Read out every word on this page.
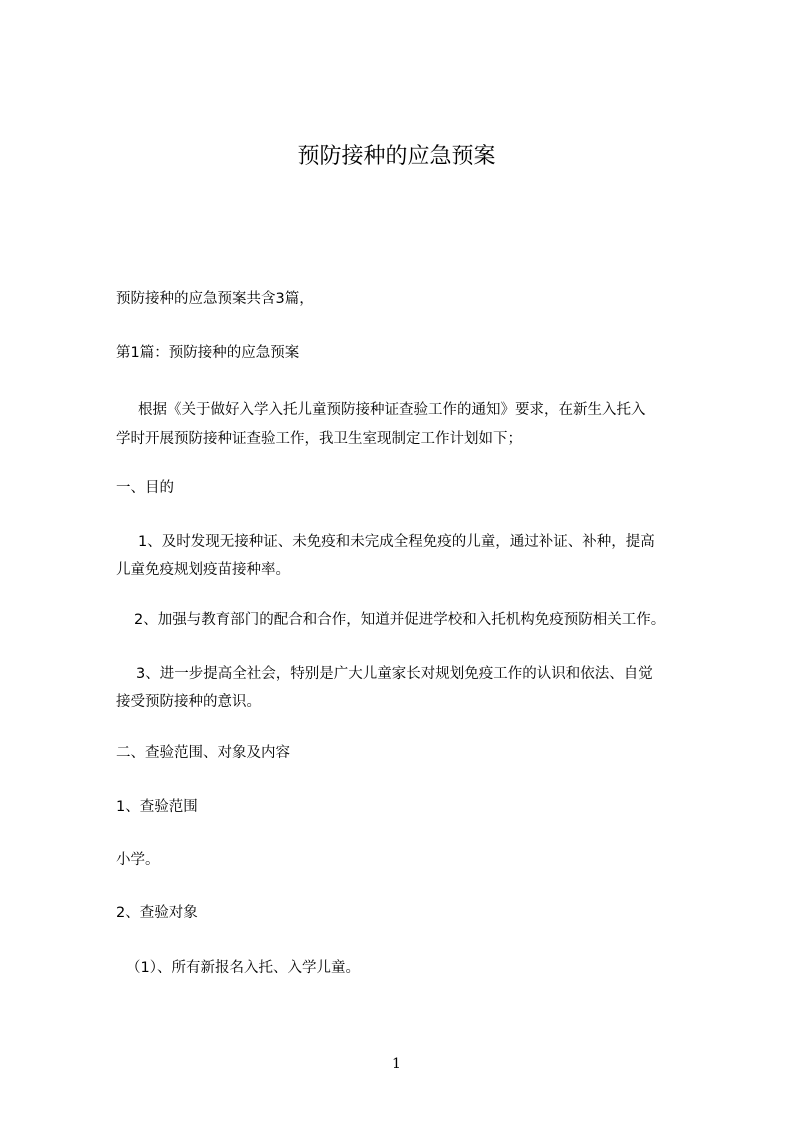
预防接种的应急预案
预防接种的应急预案共含3篇，
第1篇：预防接种的应急预案
根据《关于做好入学入托儿童预防接种证查验工作的通知》要求，在新生入托入
学时开展预防接种证查验工作，我卫生室现制定工作计划如下；
一、目的
1、及时发现无接种证、未免疫和未完成全程免疫的儿童，通过补证、补种，提高
儿童免疫规划疫苗接种率。
2、加强与教育部门的配合和合作，知道并促进学校和入托机构免疫预防相关工作。
3、进一步提高全社会，特别是广大儿童家长对规划免疫工作的认识和依法、自觉
接受预防接种的意识。
二、查验范围、对象及内容
1、查验范围
小学。
2、查验对象
（1）、所有新报名入托、入学儿童。
1
